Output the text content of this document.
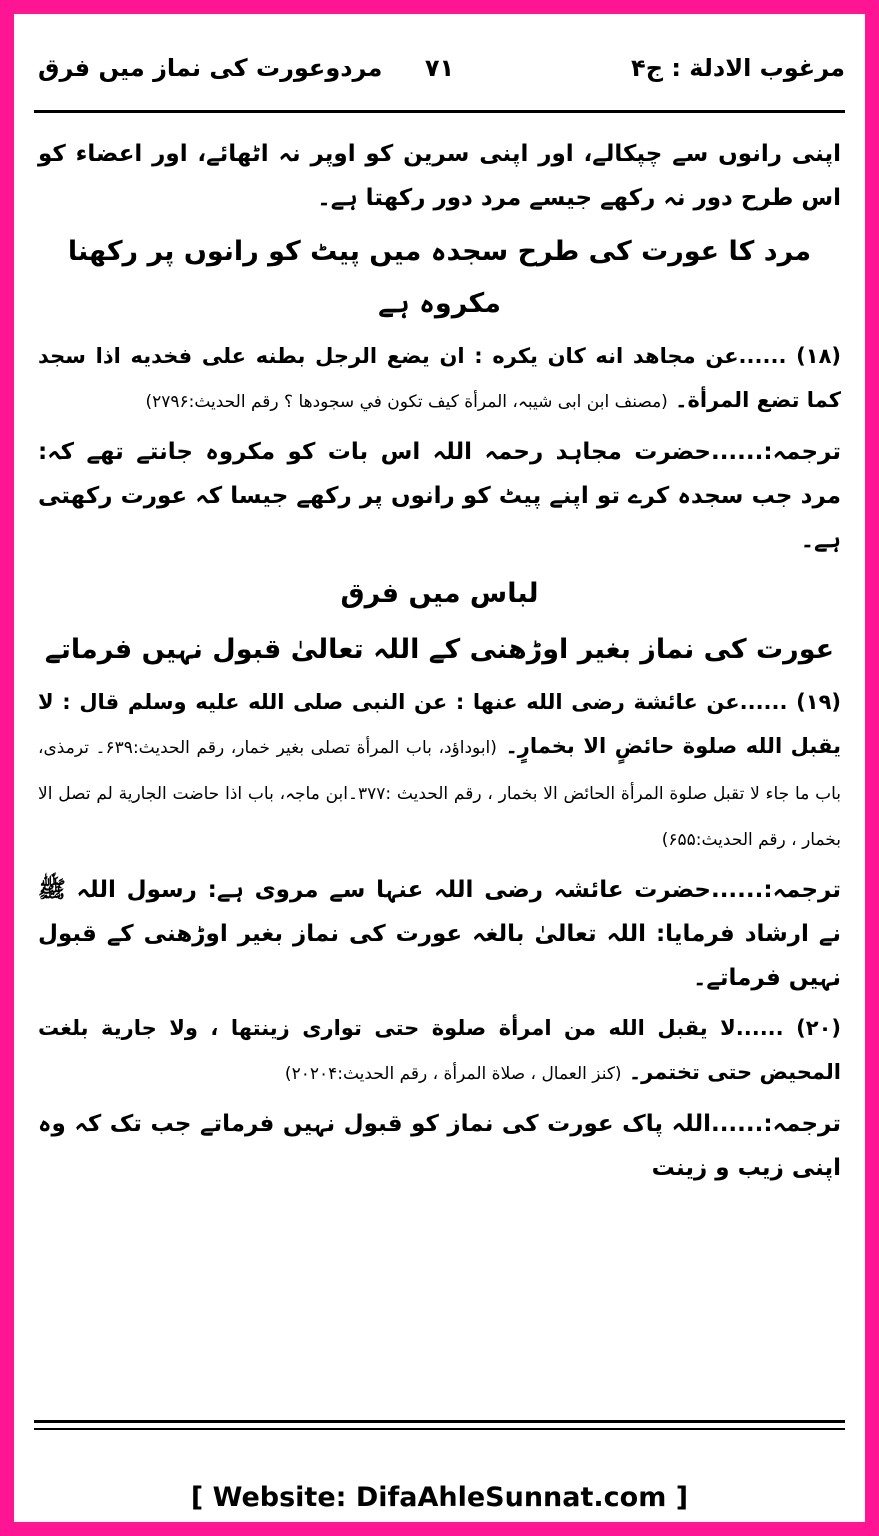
مرغوب الادلة : ج۴
۷۱
مردوعورت کی نماز میں فرق

اپنی رانوں سے چپکالے، اور اپنی سرین کو اوپر نہ اٹھائے، اور اعضاء کو اس طرح دور نہ رکھے جیسے مرد دور رکھتا ہے۔

مرد کا عورت کی طرح سجدہ میں پیٹ کو رانوں پر رکھنا مکروہ ہے

(۱۸) ......عن مجاهد انه كان يكره : ان يضع الرجل بطنه على فخديه اذا سجد كما تضع المرأة۔ (مصنف ابن ابی شیبہ، المرأة كيف تكون في سجودها ؟ رقم الحديث:۲۷۹۶)

ترجمہ:......حضرت مجاہد رحمہ اللہ اس بات کو مکروہ جانتے تھے کہ: مرد جب سجدہ کرے تو اپنے پیٹ کو رانوں پر رکھے جیسا کہ عورت رکھتی ہے۔

لباس میں فرق

عورت کی نماز بغیر اوڑھنی کے اللہ تعالیٰ قبول نہیں فرماتے

(۱۹) ......عن عائشة رضى الله عنها : عن النبى صلى الله عليه وسلم قال : لا يقبل الله صلوة حائضٍ الا بخمارٍ۔ (ابوداؤد، باب المرأة تصلى بغير خمار، رقم الحديث:۶۳۹۔ ترمذی، باب ما جاء لا تقبل صلوة المرأة الحائض الا بخمار ، رقم الحديث :۳۷۷۔ابن ماجہ، باب اذا حاضت الجارية لم تصل الا بخمار ، رقم الحديث:۶۵۵)

ترجمہ:......حضرت عائشہ رضی اللہ عنہا سے مروی ہے: رسول اللہ ﷺ نے ارشاد فرمایا: اللہ تعالیٰ بالغہ عورت کی نماز بغیر اوڑھنی کے قبول نہیں فرماتے۔

(۲۰) ......لا يقبل الله من امرأة صلوة حتى توارى زينتها ، ولا جارية بلغت المحيض حتى تختمر۔ (كنز العمال ، صلاة المرأة ، رقم الحديث:۲۰۲۰۴)

ترجمہ:......اللہ پاک عورت کی نماز کو قبول نہیں فرماتے جب تک کہ وہ اپنی زیب و زینت

[ Website: DifaAhleSunnat.com ]
